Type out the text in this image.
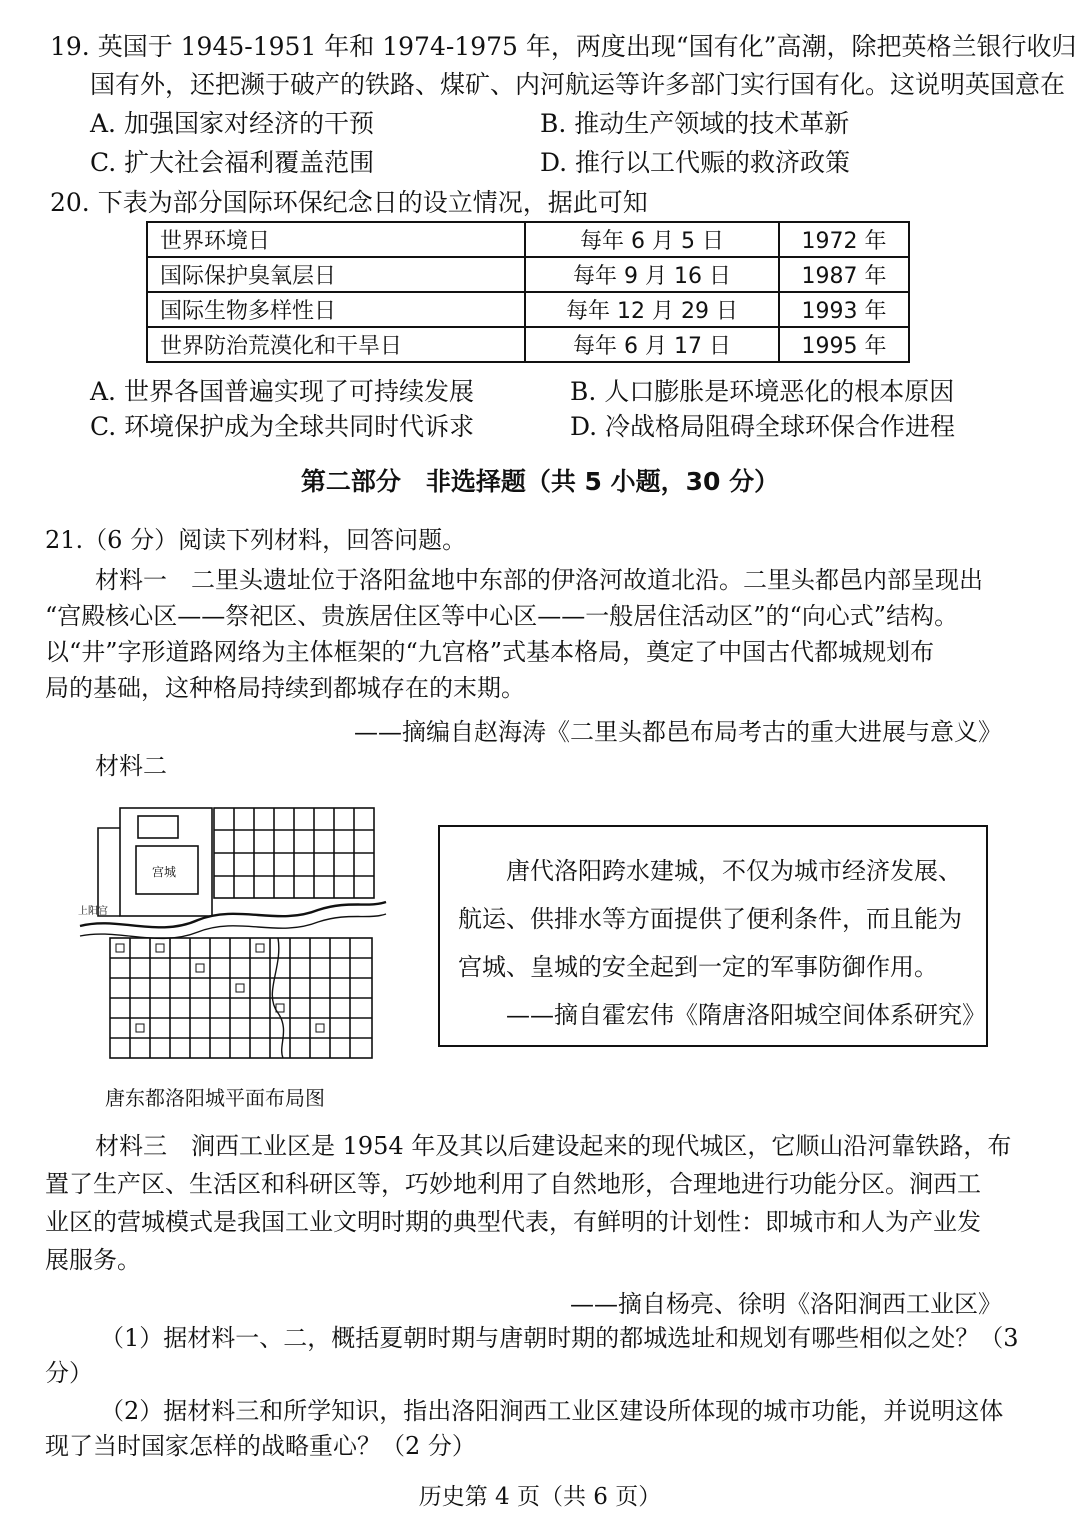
19. 英国于 1945-1951 年和 1974-1975 年，两度出现“国有化”高潮，除把英格兰银行收归
国有外，还把濒于破产的铁路、煤矿、内河航运等许多部门实行国有化。这说明英国意在
A. 加强国家对经济的干预	B. 推动生产领域的技术革新
C. 扩大社会福利覆盖范围	D. 推行以工代赈的救济政策
20. 下表为部分国际环保纪念日的设立情况，据此可知
世界环境日	每年 6 月 5 日	1972 年
国际保护臭氧层日	每年 9 月 16 日	1987 年
国际生物多样性日	每年 12 月 29 日	1993 年
世界防治荒漠化和干旱日	每年 6 月 17 日	1995 年
A. 世界各国普遍实现了可持续发展	B. 人口膨胀是环境恶化的根本原因
C. 环境保护成为全球共同时代诉求	D. 冷战格局阻碍全球环保合作进程
第二部分　非选择题（共 5 小题，30 分）
21.（6 分）阅读下列材料，回答问题。
材料一　二里头遗址位于洛阳盆地中东部的伊洛河故道北沿。二里头都邑内部呈现出
“宫殿核心区——祭祀区、贵族居住区等中心区——一般居住活动区”的“向心式”结构。
以“井”字形道路网络为主体框架的“九宫格”式基本格局，奠定了中国古代都城规划布
局的基础，这种格局持续到都城存在的末期。
——摘编自赵海涛《二里头都邑布局考古的重大进展与意义》
材料二
宫城
上阳宫
唐东都洛阳城平面布局图
唐代洛阳跨水建城，不仅为城市经济发展、
航运、供排水等方面提供了便利条件，而且能为
宫城、皇城的安全起到一定的军事防御作用。
——摘自霍宏伟《隋唐洛阳城空间体系研究》
材料三　涧西工业区是 1954 年及其以后建设起来的现代城区，它顺山沿河靠铁路，布
置了生产区、生活区和科研区等，巧妙地利用了自然地形，合理地进行功能分区。涧西工
业区的营城模式是我国工业文明时期的典型代表，有鲜明的计划性：即城市和人为产业发
展服务。
——摘自杨亮、徐明《洛阳涧西工业区》
（1）据材料一、二，概括夏朝时期与唐朝时期的都城选址和规划有哪些相似之处？（3
分）
（2）据材料三和所学知识，指出洛阳涧西工业区建设所体现的城市功能，并说明这体
现了当时国家怎样的战略重心？（2 分）
历史第 4 页（共 6 页）
